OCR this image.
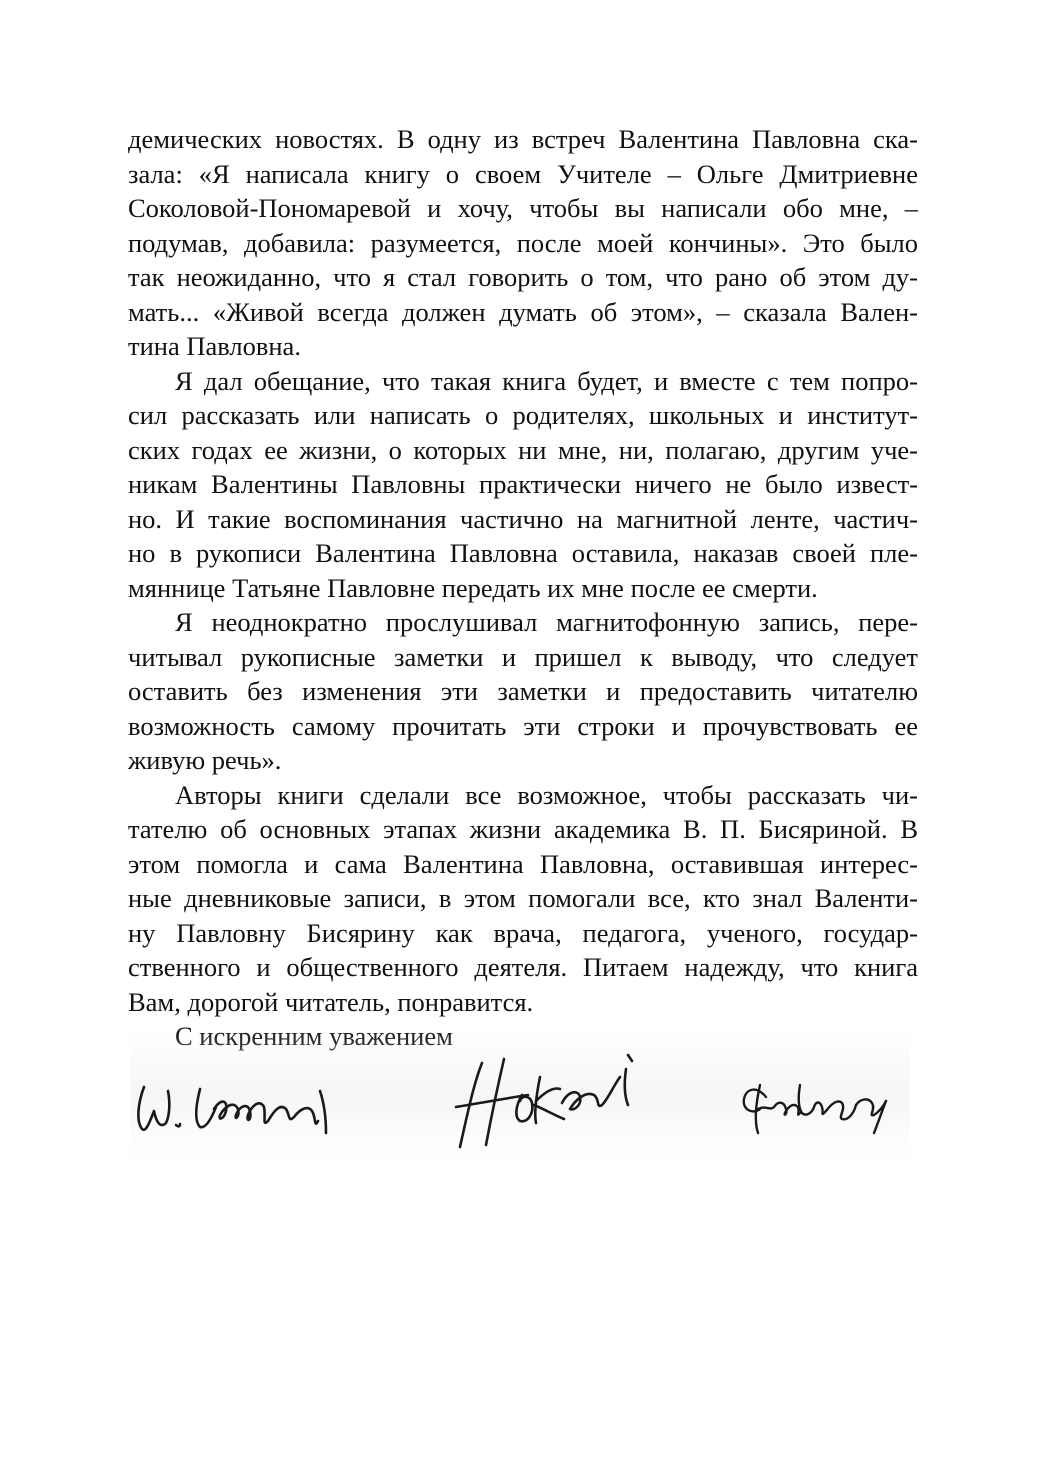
демических новостях. В одну из встреч Валентина Павловна ска-
зала: «Я написала книгу о своем Учителе – Ольге Дмитриевне
Соколовой-Пономаревой и хочу, чтобы вы написали обо мне, –
подумав, добавила: разумеется, после моей кончины». Это было
так неожиданно, что я стал говорить о том, что рано об этом ду-
мать... «Живой всегда должен думать об этом», – сказала Вален-
тина Павловна.
Я дал обещание, что такая книга будет, и вместе с тем попро-
сил рассказать или написать о родителях, школьных и институт-
ских годах ее жизни, о которых ни мне, ни, полагаю, другим уче-
никам Валентины Павловны практически ничего не было извест-
но. И такие воспоминания частично на магнитной ленте, частич-
но в рукописи Валентина Павловна оставила, наказав своей пле-
мяннице Татьяне Павловне передать их мне после ее смерти.
Я неоднократно прослушивал магнитофонную запись, пере-
читывал рукописные заметки и пришел к выводу, что следует
оставить без изменения эти заметки и предоставить читателю
возможность самому прочитать эти строки и прочувствовать ее
живую речь».
Авторы книги сделали все возможное, чтобы рассказать чи-
тателю об основных этапах жизни академика В. П. Бисяриной. В
этом помогла и сама Валентина Павловна, оставившая интерес-
ные дневниковые записи, в этом помогали все, кто знал Валенти-
ну Павловну Бисярину как врача, педагога, ученого, государ-
ственного и общественного деятеля. Питаем надежду, что книга
Вам, дорогой читатель, понравится.
